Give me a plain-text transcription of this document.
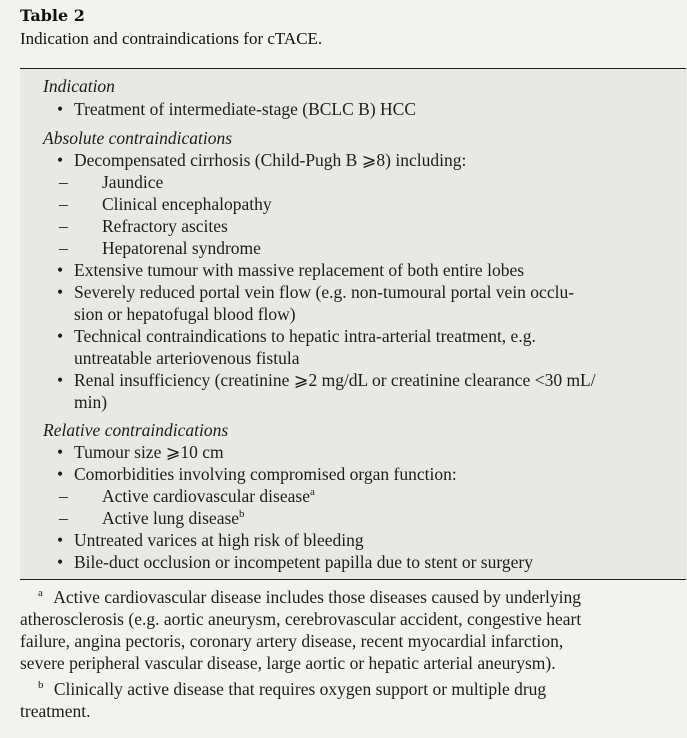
Table 2
Indication and contraindications for cTACE.
Indication
• Treatment of intermediate-stage (BCLC B) HCC
Absolute contraindications
• Decompensated cirrhosis (Child-Pugh B ⩾8) including:
– Jaundice
– Clinical encephalopathy
– Refractory ascites
– Hepatorenal syndrome
• Extensive tumour with massive replacement of both entire lobes
• Severely reduced portal vein flow (e.g. non-tumoural portal vein occlu-
sion or hepatofugal blood flow)
• Technical contraindications to hepatic intra-arterial treatment, e.g.
untreatable arteriovenous fistula
• Renal insufficiency (creatinine ⩾2 mg/dL or creatinine clearance <30 mL/
min)
Relative contraindications
• Tumour size ⩾10 cm
• Comorbidities involving compromised organ function:
– Active cardiovascular disease$^a$
– Active lung disease$^b$
• Untreated varices at high risk of bleeding
• Bile-duct occlusion or incompetent papilla due to stent or surgery
$^a$ Active cardiovascular disease includes those diseases caused by underlying
atherosclerosis (e.g. aortic aneurysm, cerebrovascular accident, congestive heart
failure, angina pectoris, coronary artery disease, recent myocardial infarction,
severe peripheral vascular disease, large aortic or hepatic arterial aneurysm).
$^b$ Clinically active disease that requires oxygen support or multiple drug
treatment.
